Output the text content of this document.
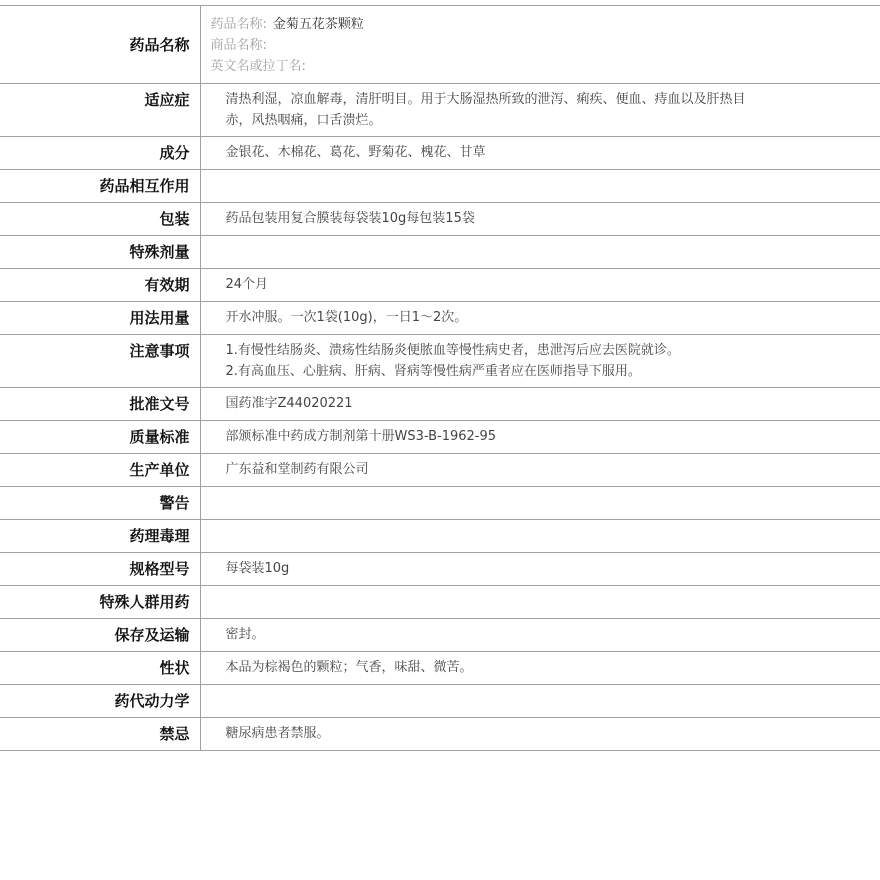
药品名称	药品名称: 金菊五花茶颗粒
商品名称:
英文名或拉丁名:

适应症	清热利湿，凉血解毒，清肝明目。用于大肠湿热所致的泄泻、痢疾、便血、痔血以及肝热目
赤，风热咽痛，口舌溃烂。

成分	金银花、木棉花、葛花、野菊花、槐花、甘草
药品相互作用	
包装	药品包装用复合膜装每袋装10g每包装15袋
特殊剂量	
有效期	24个月
用法用量	开水冲服。一次1袋(10g)，一日1～2次。
注意事项	1.有慢性结肠炎、溃疡性结肠炎便脓血等慢性病史者，患泄泻后应去医院就诊。
2.有高血压、心脏病、肝病、肾病等慢性病严重者应在医师指导下服用。

批准文号	国药准字Z44020221
质量标准	部颁标准中药成方制剂第十册WS3-B-1962-95
生产单位	广东益和堂制药有限公司
警告	
药理毒理	
规格型号	每袋装10g
特殊人群用药	
保存及运输	密封。
性状	本品为棕褐色的颗粒；气香，味甜、微苦。
药代动力学	
禁忌	糖尿病患者禁服。
